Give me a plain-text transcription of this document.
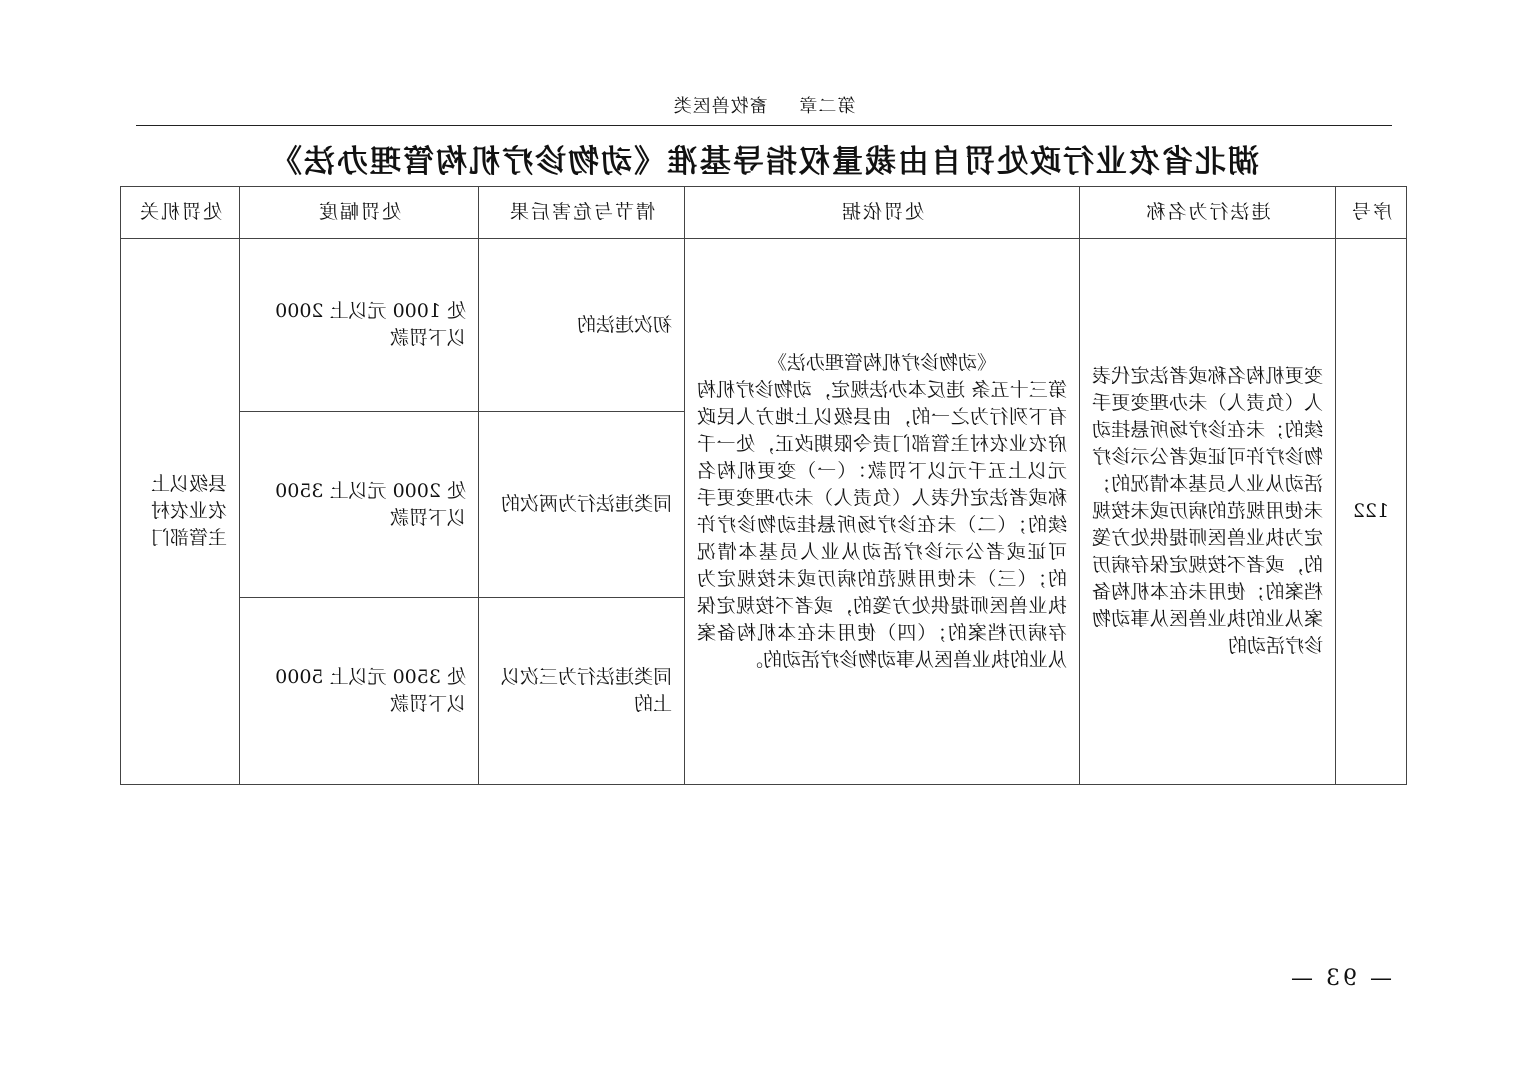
第二章 畜牧兽医类
湖北省农业行政处罚自由裁量权指导基准《动物诊疗机构管理办法》
序号	违法行为名称	处罚依据	情节与危害后果	处罚幅度	处罚机关
122	变更机构名称或者法定代表人（负责人）未办理变更手续的；未在诊疗场所悬挂动物诊疗许可证或者公示诊疗活动从业人员基本情况的；未使用规范的病历或未按规定为执业兽医师提供处方笺的，或者不按规定保存病历档案的；使用未在本机构备案从业的执业兽医从事动物诊疗活动的	《动物诊疗机构管理办法》
第三十五条 违反本办法规定，动物诊疗机构有下列行为之一的，由县级以上地方人民政府农业农村主管部门责令限期改正，处一千元以上五千元以下罚款：（一）变更机构名称或者法定代表人（负责人）未办理变更手续的；（二）未在诊疗场所悬挂动物诊疗许可证或者公示诊疗活动从业人员基本情况的；（三）未使用规范的病历或未按规定为执业兽医师提供处方笺的，或者不按规定保存病历档案的；（四）使用未在本机构备案从业的执业兽医从事动物诊疗活动的。	初次违法的	处 1000 元以上 2000 以下罚款	县级以上农业农村主管部门
			同类违法行为两次的	处 2000 元以上 3500 以下罚款	
			同类违法行为三次以上的	处 3500 元以上 5000 以下罚款	
— 93 —
